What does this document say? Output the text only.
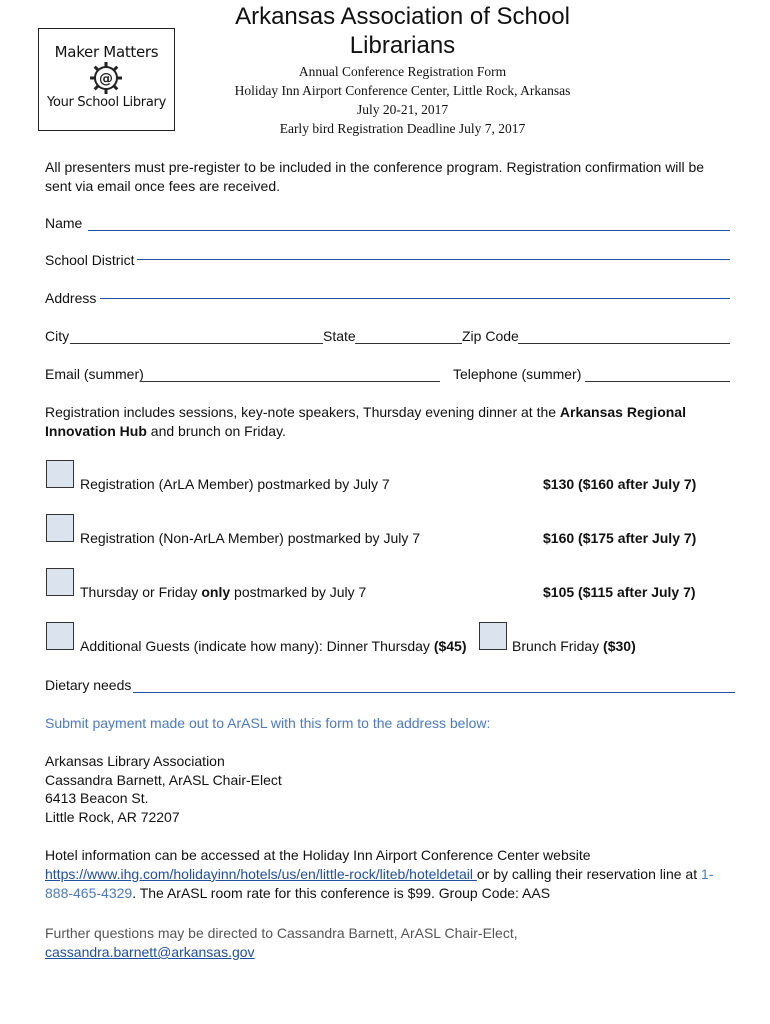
Maker Matters
@
Your School Library
Arkansas Association of School Librarians
Annual Conference Registration Form
Holiday Inn Airport Conference Center, Little Rock, Arkansas
July 20-21, 2017
Early bird Registration Deadline July 7, 2017
All presenters must pre-register to be included in the conference program. Registration confirmation will be sent via email once fees are received.
Name
School District
Address
City	State	Zip Code
Email (summer)	Telephone (summer)
Registration includes sessions, key-note speakers, Thursday evening dinner at the Arkansas Regional Innovation Hub and brunch on Friday.
Registration (ArLA Member) postmarked by July 7	$130 ($160 after July 7)
Registration (Non-ArLA Member) postmarked by July 7	$160 ($175 after July 7)
Thursday or Friday only postmarked by July 7	$105 ($115 after July 7)
Additional Guests (indicate how many): Dinner Thursday ($45)	Brunch Friday ($30)
Dietary needs
Submit payment made out to ArASL with this form to the address below:
Arkansas Library Association
Cassandra Barnett, ArASL Chair-Elect
6413 Beacon St.
Little Rock, AR 72207
Hotel information can be accessed at the Holiday Inn Airport Conference Center website
https://www.ihg.com/holidayinn/hotels/us/en/little-rock/liteb/hoteldetail or by calling their reservation line at 1-
888-465-4329. The ArASL room rate for this conference is $99. Group Code: AAS
Further questions may be directed to Cassandra Barnett, ArASL Chair-Elect,
cassandra.barnett@arkansas.gov
